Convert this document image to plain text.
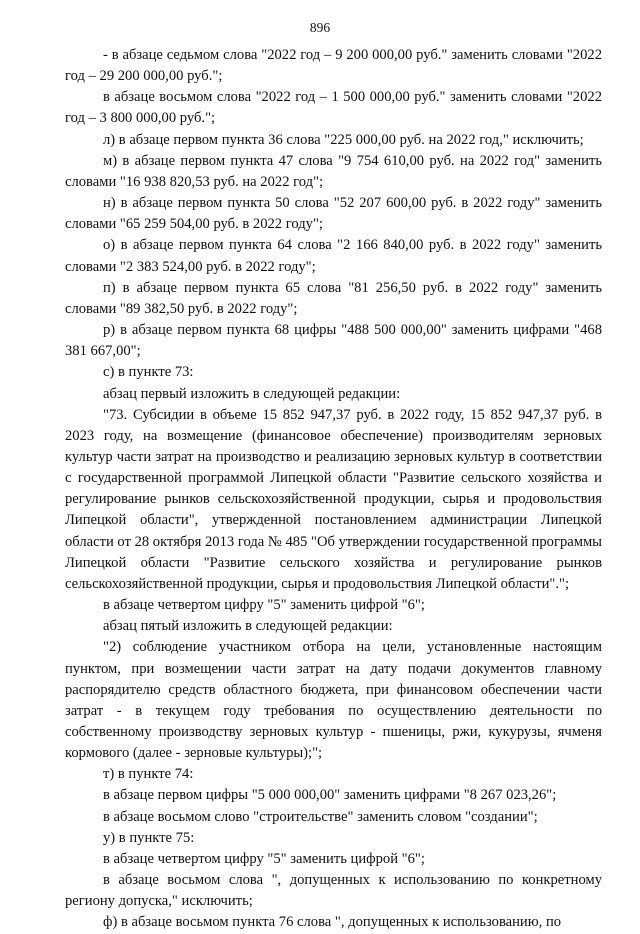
896

- в абзаце седьмом слова "2022 год – 9 200 000,00 руб." заменить словами "2022 год – 29 200 000,00 руб.";

в абзаце восьмом слова "2022 год – 1 500 000,00 руб." заменить словами "2022 год – 3 800 000,00 руб.";

л) в абзаце первом пункта 36 слова "225 000,00 руб. на 2022 год," исключить;

м) в абзаце первом пункта 47 слова "9 754 610,00 руб. на 2022 год" заменить словами "16 938 820,53 руб. на 2022 год";

н) в абзаце первом пункта 50 слова "52 207 600,00 руб. в 2022 году" заменить словами "65 259 504,00 руб. в 2022 году";

о) в абзаце первом пункта 64 слова "2 166 840,00 руб. в 2022 году" заменить словами "2 383 524,00 руб. в 2022 году";

п) в абзаце первом пункта 65 слова "81 256,50 руб. в 2022 году" заменить словами "89 382,50 руб. в 2022 году";

р) в абзаце первом пункта 68 цифры "488 500 000,00" заменить цифрами "468 381 667,00";

с) в пункте 73:

абзац первый изложить в следующей редакции:

"73. Субсидии в объеме 15 852 947,37 руб. в 2022 году, 15 852 947,37 руб. в 2023 году, на возмещение (финансовое обеспечение) производителям зерновых культур части затрат на производство и реализацию зерновых культур в соответствии с государственной программой Липецкой области "Развитие сельского хозяйства и регулирование рынков сельскохозяйственной продукции, сырья и продовольствия Липецкой области", утвержденной постановлением администрации Липецкой области от 28 октября 2013 года № 485 "Об утверждении государственной программы Липецкой области "Развитие сельского хозяйства и регулирование рынков сельскохозяйственной продукции, сырья и продовольствия Липецкой области".";

в абзаце четвертом цифру "5" заменить цифрой "6";

абзац пятый изложить в следующей редакции:

"2) соблюдение участником отбора на цели, установленные настоящим пунктом, при возмещении части затрат на дату подачи документов главному распорядителю средств областного бюджета, при финансовом обеспечении части затрат - в текущем году требования по осуществлению деятельности по собственному производству зерновых культур - пшеницы, ржи, кукурузы, ячменя кормового (далее - зерновые культуры);";

т) в пункте 74:

в абзаце первом цифры "5 000 000,00" заменить цифрами "8 267 023,26";

в абзаце восьмом слово "строительстве" заменить словом "создании";

у) в пункте 75:

в абзаце четвертом цифру "5" заменить цифрой "6";

в абзаце восьмом слова ", допущенных к использованию по конкретному региону допуска," исключить;

ф) в абзаце восьмом пункта 76 слова ", допущенных к использованию, по
